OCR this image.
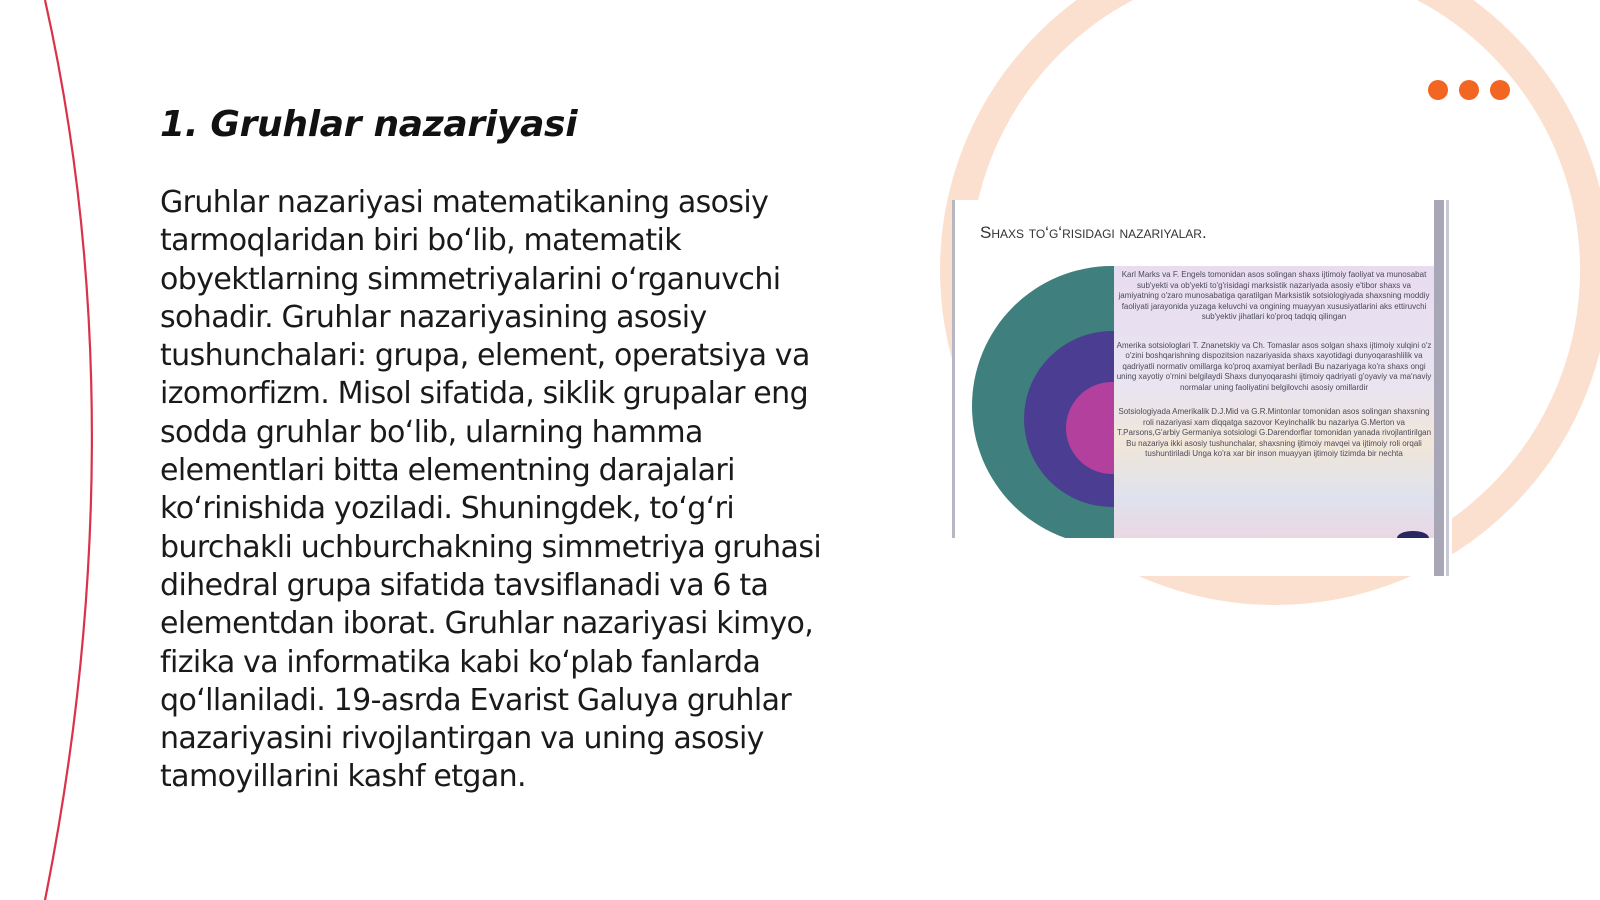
1. Gruhlar nazariyasi

Gruhlar nazariyasi matematikaning asosiy tarmoqlaridan biri bo‘lib, matematik obyektlarning simmetriyalarini o‘rganuvchi sohadir. Gruhlar nazariyasining asosiy tushunchalari: grupa, element, operatsiya va izomorfizm. Misol sifatida, siklik grupalar eng sodda gruhlar bo‘lib, ularning hamma elementlari bitta elementning darajalari ko‘rinishida yoziladi. Shuningdek, to‘g‘ri burchakli uchburchakning simmetriya gruhasi dihedral grupa sifatida tavsiflanadi va 6 ta elementdan iborat. Gruhlar nazariyasi kimyo, fizika va informatika kabi ko‘plab fanlarda qo‘llaniladi. 19-asrda Evarist Galuya gruhlar nazariyasini rivojlantirgan va uning asosiy tamoyillarini kashf etgan.

Shaxs to‘g‘risidagi nazariyalar.
Karl Marks va F. Engels tomonidan asos solingan shaxs ijtimoiy faoliyat va munosabat sub'yekti va ob'yekti to'g'risidagi marksistik nazariyada asosiy e'tibor shaxs va jamiyatning o'zaro munosabatiga qaratilgan Marksistik sotsiologiyada shaxsning moddiy faoliyati jarayonida yuzaga keluvchi va ongining muayyan xususiyatlarini aks ettiruvchi sub'yektiv jihatlari ko'proq tadqiq qilingan
Amerika sotsiologlari T. Znanetskiy va Ch. Tomaslar asos solgan shaxs ijtimoiy xulqini o'z o'zini boshqarishning dispozitsion nazariyasida shaxs xayotidagi dunyoqarashlilik va qadriyatli normativ omillarga ko'proq axamiyat beriladi Bu nazariyaga ko'ra shaxs ongi uning xayotiy o'rnini belgilaydi Shaxs dunyoqarashi ijtimoiy qadriyati g'oyaviy va ma'naviy normalar uning faoliyatini belgilovchi asosiy omillardir
Sotsiologiyada Amerikalik D.J.Mid va G.R.Mintonlar tomonidan asos solingan shaxsning roli nazariyasi xam diqqatga sazovor Keyinchalik bu nazariya G.Merton va T.Parsons,G'arbiy Germaniya sotsiologi G.Darendorflar tomonidan yanada rivojlantirilgan Bu nazariya ikki asosiy tushunchalar, shaxsning ijtimoiy mavqei va ijtimoiy roli orqali tushuntiriladi Unga ko'ra xar bir inson muayyan ijtimoiy tizimda bir nechta
